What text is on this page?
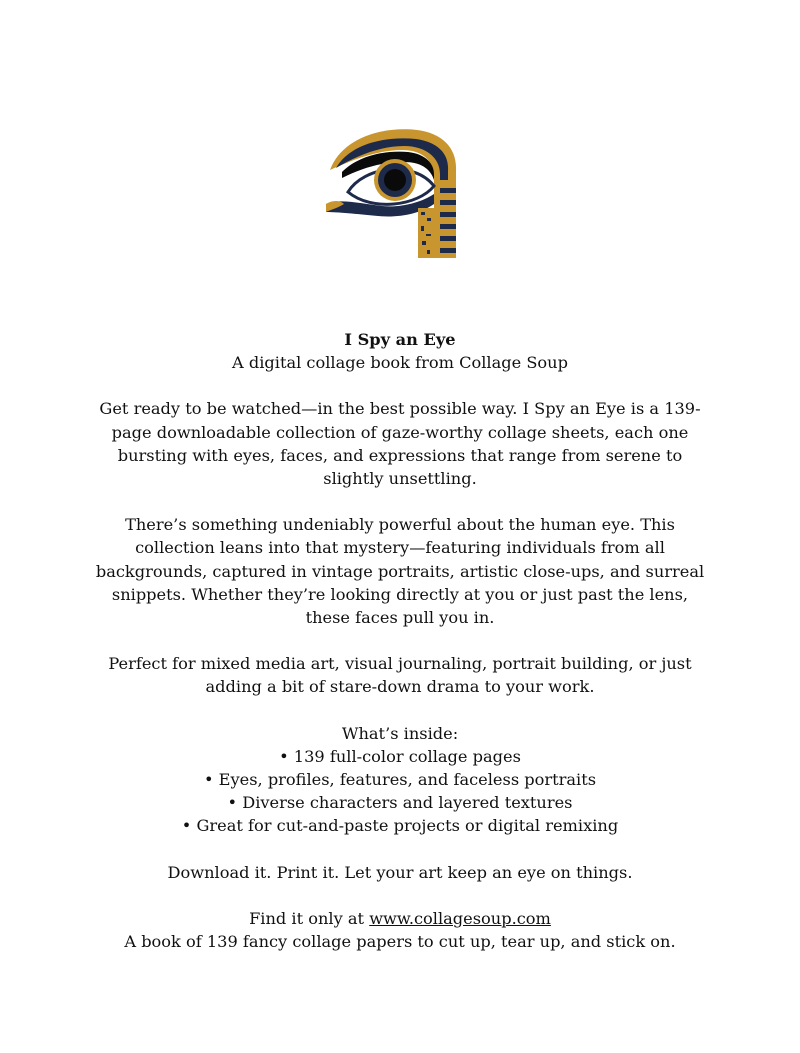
I Spy an Eye

A digital collage book from Collage Soup

Get ready to be watched—in the best possible way. I Spy an Eye is a 139-page downloadable collection of gaze-worthy collage sheets, each one bursting with eyes, faces, and expressions that range from serene to slightly unsettling.

There’s something undeniably powerful about the human eye. This collection leans into that mystery—featuring individuals from all backgrounds, captured in vintage portraits, artistic close-ups, and surreal snippets. Whether they’re looking directly at you or just past the lens, these faces pull you in.

Perfect for mixed media art, visual journaling, portrait building, or just adding a bit of stare-down drama to your work.

What’s inside:

• 139 full-color collage pages
• Eyes, profiles, features, and faceless portraits
• Diverse characters and layered textures
• Great for cut-and-paste projects or digital remixing

Download it. Print it. Let your art keep an eye on things.

Find it only at www.collagesoup.com

A book of 139 fancy collage papers to cut up, tear up, and stick on.
